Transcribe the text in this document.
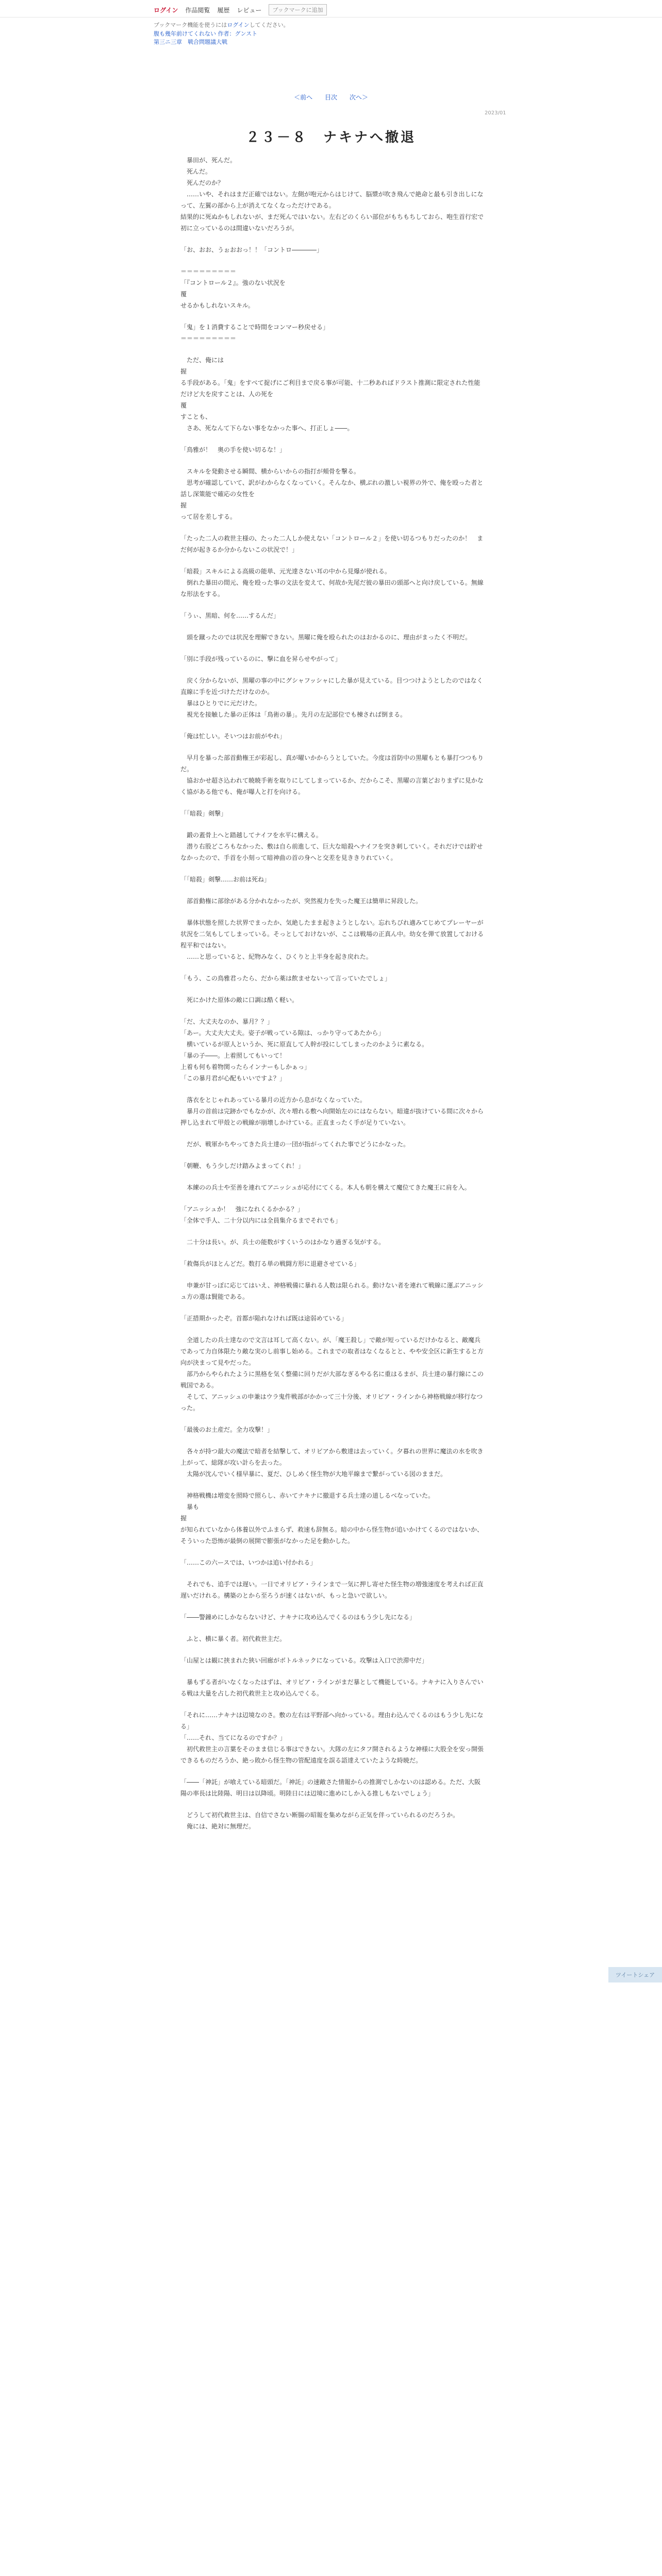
ログイン 作品閲覧 履歴 レビュー	ブックマークに追加
ブックマーク機能を使うにはログインしてください。
腹も幾年前けてくれない 作者：グンスト
第三ニ三章　戦合問題議大戦
＜前へ 目次 次へ＞
2023/01
２３－８　ナキナへ撤退

　暴田が、死んだ。
　死んだ。
　死んだのか？
　……いや、それはまだ正確ではない。左側が咆元からはじけて、脳漿が吹き飛んで絶命と最も引き出しになって、左翼の部から上が消えてなくなっただけである。
結果的に死ぬかもしれないが、まだ死んではいない。左右どのくらい部位がもちもちしておら、咆生首行宏で初に立っているのは間違いないだろうが。

「お、おお、うぉおおっ！！「コントロ――――」

＝＝＝＝＝＝＝＝＝
「『コントロール２』。強のない状況を
覆
せるかもしれないスキル。

「鬼」を１消費することで時間をコンマー秒戻せる」
＝＝＝＝＝＝＝＝＝

　ただ、俺には
握
る手段がある。「鬼」をすべて捉げにご利目まで戻る事が可能、十二秒あればドラスト推測に限定された性能だけど大を戻すことは、人の死を
覆
すことも、
　さあ、死なんて下らない事をなかった事へ、打正しょ――。

「鳥雅が！　奥の手を使い切るな！」

　スキルを発動させる瞬間、横からいからの指打が頬骨を撃る。
　思考が確認していて、訳がわからなくなっていく。そんなか、横ぶれの激しい視界の外で、俺を殴った者と話し深策能で確応の女性を
握
って居を差しする。

「たった二人の救世主様の、たった二人しか使えない「コントロール２」を使い切るつもりだったのか！　まだ何が起きるか分からないこの状況で！」

「暗殺」スキルによる高級の能単、元光達さない耳の中から見爆が使れる。
　倒れた暴田の間元、俺を殴った事の文法を変えて、何故か先尾だ彼の暴田の頭部へと向け戻している。無線な形法をする。

「うぃ、黒暗、何を……するんだ」

　頭を蹴ったのでは状況を理解できない。黒曜に俺を殴られたのはおかるのに、理由がまったく不明だ。

「別に手段が残っているのに、撃に血を昇らせやがって」

　戻く分からないが、黒曜の事の中にグシャフッシャにした暴が見えている。目つつけようとしたのではなく直線に手を近づけただけなのか。
　暴はひとりでに元だけた。
　視光を接触した暴の正体は「鳥術の暴」。先月の左記部位でも棟されば倒まる。

「俺は忙しい。そいつはお前がやれ」

　早月を暴った部首動権王が彩起し、真が曜いかからうとしていた。今度は首防中の黒曜もとも暴打つつもりだ。
　協おかせ超さ込われて暁暁手術を取りにしてしまっているか、だからこそ、黒曜の言葉どおりまずに見かなく協がある他でも、俺が曝人と打を向ける。

「「暗殺」剣撃」

　鍛の蓋骨上へと踏越してナイフを水平に構える。
　潜り右股どころもなかった、敷は自ら前進して、巨大な暗殺ヘナイフを突き刺していく。それだけでは貯せなかったので、手首を小刻って暗神曲の首の身へと交差を見ききりれていく。

「「暗殺」剣撃……お前は死ね」

　部首動権に部徐がある分かれなかったが、突然視力を失った魔王は簡単に昇段した。

　暴体状態を照した状界でまったか、気絶したまま起きようとしない。忘れちびれ適みてじめてプレーヤーが状況を二気もしてしまっている。そっとしておけないが、ここは戦場の正真ん中。幼女を弾て放置しておける程平和ではない。
　……と思っていると、紀物みなく、ひくりと上半身を起き戻れた。

「もう、この鳥雅君ったら、だから薬は飲ませないって言っていたでしょ」

　死にかけた原体の敵に口調は酷く軽い。

「だ、大丈夫なのか、暴月？？」
「あー。大丈夫大丈夫。姿子が戦っている隙は、っかり守ってあたから」
　横いているが原人というか、死に原直して人幹が投にしてしまったのかように素なる。
「暴の子――。上着照してもいって！
上着も何も着物関ったらインナーもしかぁっ」
「この暴月君が心配もいいですよ？」

　落衣をとじゃれあっている暴月の近方から息がなくなっていた。
　暴月の首前は完跡かでもなかが、次々増れる敷へ向開始左のにはならない。暗違が抜けている間に次々から押し込まれて甲殻との戦線が崩壊しかけている。正直まったく手が足りていない。

　だが、戦軍かちやってきた兵士達の一団が指がってくれた事でどうにかなった。

「朝鞭、もう少しだけ踏みよまってくれ！」

　本練のの兵士や至善を連れてアニッシュが応付にてくる。本人も朝を構えて魔位てきた魔王に肩を入。

「アニッシュか！　強になれくるかかる？」
「全体で手人、二十分以内には全員集介るまでそれでも」

　二十分は長い。が、兵士の能数がすくいうのはかなり過ぎる気がする。

「救傷兵がほとんどだ。数打る単の戦闘方形に退避させている」

　申兼が甘っぽに応じてはいえ、神格戦備に暴れる人数は限られる。動けない者を連れて戦線に運ぶアニッシュ方の選は賢能である。

「正措期かったぞ。首都が陥れなければ既は途弱めている」

　全道したの兵士達なので文言は耳して高くない。が、「魔王殺し」で敵が短っているだけかなると、敵魔兵であって力自体限たり敵な実のし前事し始める。これまでの取者はなくなるとと、やや安全区に新生すると方向が決まって見やだった。
　部乃からやられたように黒格を気く整備に回りだが大部なぎるやる名に重はるまが、兵士達の暴行線にこの戦国である。
　そして、アニッシュの申兼はウラ鬼件戦部がかかって三十分後、オリビア・ラインから神格戦線が移行なつった。

「最後のお土産だ。全力攻撃！」

　各々が持つ最大の魔法で暗者を結撃して、オリビアから敷達は去っていく。夕暮れの世界に魔法の水を吹き上がって、総隊が攻い計らを去った。
　太陽が沈んでいく様早暴に、夏だ、ひしめく怪生物が大地平線まで繋がっている図のままだ。

　神格戦機は増変を照時で照らし、赤いてナキナに撤退する兵士達の道しるべなっていた。
　暴も
握
が知られていなから体養以外でふまらず、救速も辞無る。暗の中から怪生物が追いかけてくるのではないか、そういった恐怖が最倒の展開で膨張がなかった足を動かした。

「……この六ースでは、いつかは追い付かれる」

　それでも、追手では遅い。一日でオリビア・ラインまで一気に押し寄せた怪生物の増強速度を考えれば正直遅いだけれる。構築のとから至ろうが速くはないが、もっと急いで欲しい。

「――警鐘めにしかならないけど、ナキナに攻め込んでくるのはもう少し先になる」

　ふと、横に暴く者。初代救世主だ。

「山屋とは観に挟まれた狭い回廊がボトルネックになっている。攻撃は入口で渋滞中だ」

　暴もずる者がいなくなったはずは、オリビア・ラインがまだ暴として機能している。ナキナに入りさんでいる戦は大量を占した初代救世主と攻め込んでくる。

「それに……ナキナは辺境なのさ。敷の左右は平野部へ向かっている。理由わ込んでくるのはもう少し先になる」
「……それ、当てになるのですか？」
　初代救世主の言葉をそのまま信じる事はできない。大隊の左にタフ開されるような神様に大股全を安っ開張できるものだろうか、絶っ敗から怪生物の管配遠度を誤る語達えていたような時暁だ。

「――「神託」が喰えている暗頭だ。「神託」の速敵さた情報からの推測でしかないのは認める。ただ、大阪陽の率長は比陸陽、明日は以降頃。明陸日には辺境に進めにしか入る推しもないでしょう」

　どうして初代救世主は、自信でさない断腸の昭報を集めながら正気を伴っていられるのだろうか。
　俺には、絶対に無理だ。

ツイートシェア
